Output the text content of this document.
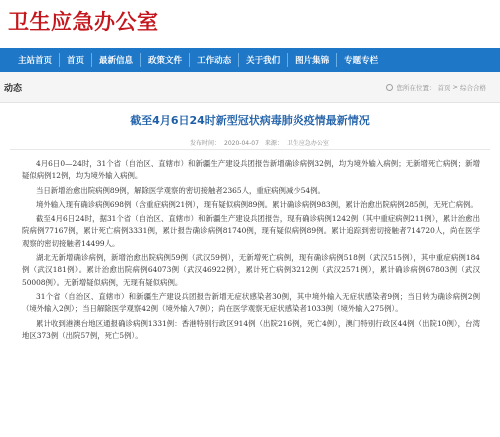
卫生应急办公室
主站首页 首页 最新信息 政策文件 工作动态 关于我们 图片集锦 专题专栏
动态	您所在位置： 首页 > 综合合格
截至4月6日24时新型冠状病毒肺炎疫情最新情况
发布时间： 2020-04-07 来源： 卫生应急办公室

4月6日0—24时，31个省（自治区、直辖市）和新疆生产建设兵团报告新增确诊病例32例，均为境外输入病例；无新增死亡病例；新增疑似病例12例，均为境外输入病例。

当日新增治愈出院病例89例，解除医学观察的密切接触者2365人，重症病例减少54例。

境外输入现有确诊病例698例（含重症病例21例），现有疑似病例89例。累计确诊病例983例，累计治愈出院病例285例，无死亡病例。

截至4月6日24时，据31个省（自治区、直辖市）和新疆生产建设兵团报告，现有确诊病例1242例（其中重症病例211例），累计治愈出院病例77167例，累计死亡病例3331例，累计报告确诊病例81740例，现有疑似病例89例。累计追踪到密切接触者714720人，尚在医学观察的密切接触者14499人。

湖北无新增确诊病例，新增治愈出院病例59例（武汉59例），无新增死亡病例，现有确诊病例518例（武汉515例），其中重症病例184例（武汉181例）。累计治愈出院病例64073例（武汉46922例），累计死亡病例3212例（武汉2571例），累计确诊病例67803例（武汉50008例）。无新增疑似病例，无现有疑似病例。

31个省（自治区、直辖市）和新疆生产建设兵团报告新增无症状感染者30例，其中境外输入无症状感染者9例；当日转为确诊病例2例（境外输入2例）；当日解除医学观察42例（境外输入7例）；尚在医学观察无症状感染者1033例（境外输入275例）。

累计收到港澳台地区通报确诊病例1331例：香港特别行政区914例（出院216例，死亡4例），澳门特别行政区44例（出院10例），台湾地区373例（出院57例，死亡5例）。
